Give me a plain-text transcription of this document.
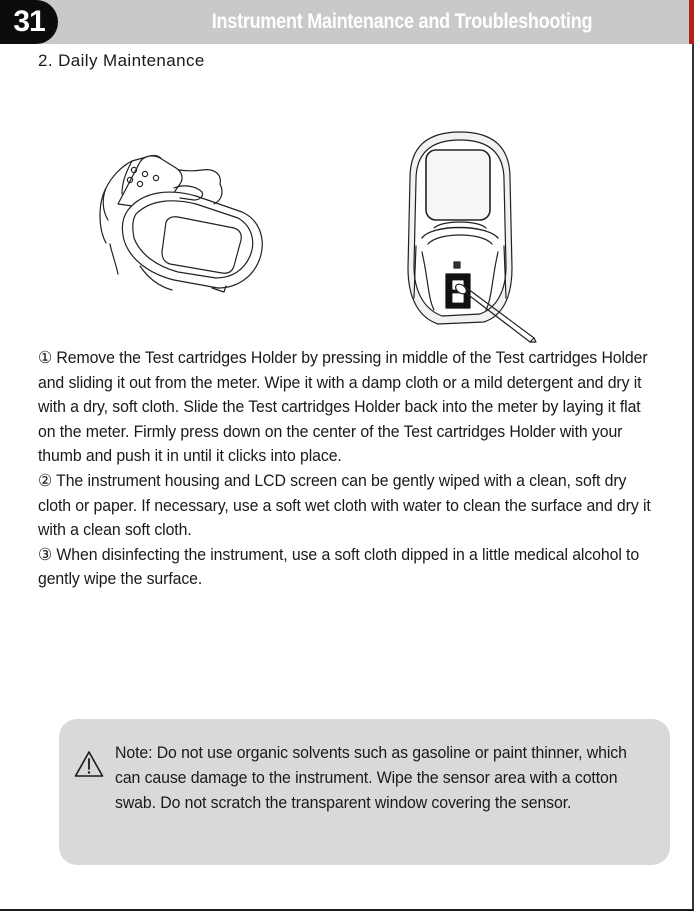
31	Instrument Maintenance and Troubleshooting
2. Daily Maintenance

① Remove the Test cartridges Holder by pressing in middle of the Test cartridges Holder and sliding it out from the meter. Wipe it with a damp cloth or a mild detergent and dry it with a dry, soft cloth. Slide the Test cartridges Holder back into the meter by laying it flat on the meter. Firmly press down on the center of the Test cartridges Holder with your thumb and push it in until it clicks into place.

② The instrument housing and LCD screen can be gently wiped with a clean, soft dry cloth or paper. If necessary, use a soft wet cloth with water to clean the surface and dry it with a clean soft cloth.

③ When disinfecting the instrument, use a soft cloth dipped in a little medical alcohol to gently wipe the surface.

Note: Do not use organic solvents such as gasoline or paint thinner, which can cause damage to the instrument. Wipe the sensor area with a cotton swab. Do not scratch the transparent window covering the sensor.
